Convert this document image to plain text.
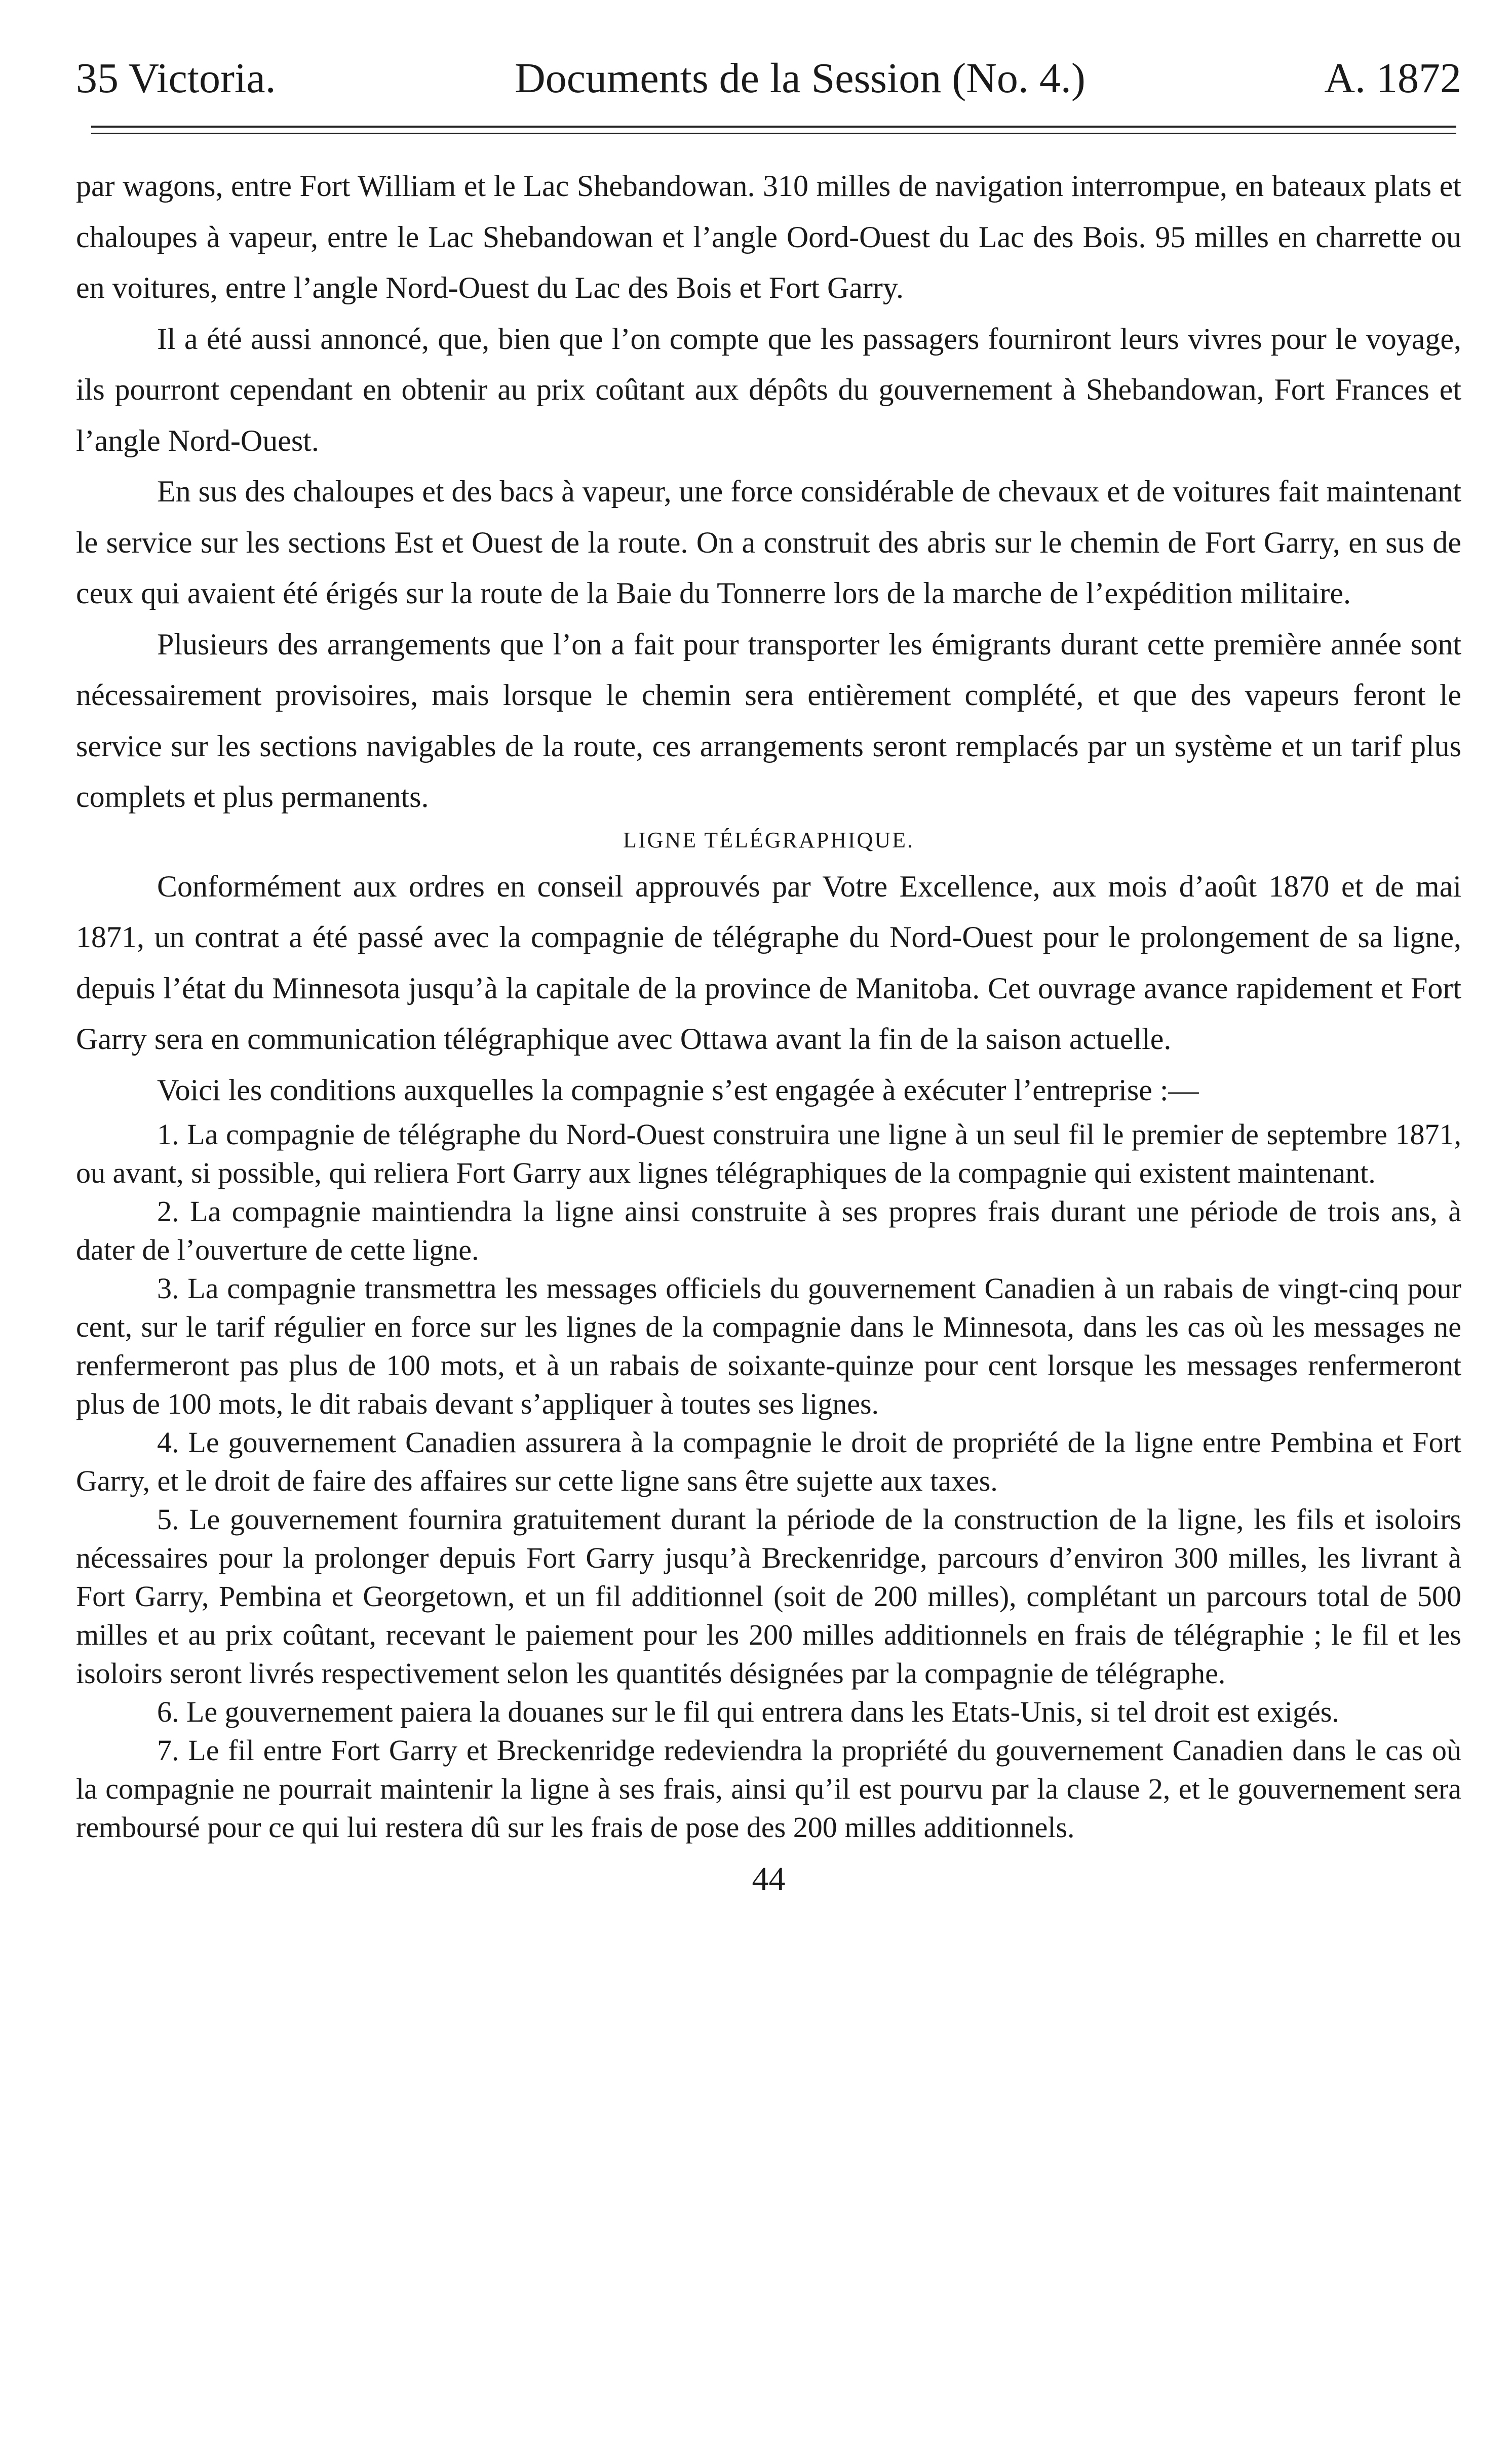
35 Victoria.	Documents de la Session (No. 4.)	A. 1872

par wagons, entre Fort William et le Lac Shebandowan. 310 milles de navigation interrompue, en bateaux plats et chaloupes à vapeur, entre le Lac Shebandowan et l’angle Oord-Ouest du Lac des Bois. 95 milles en charrette ou en voitures, entre l’angle Nord-Ouest du Lac des Bois et Fort Garry.

Il a été aussi annoncé, que, bien que l’on compte que les passagers fourniront leurs vivres pour le voyage, ils pourront cependant en obtenir au prix coûtant aux dépôts du gouvernement à Shebandowan, Fort Frances et l’angle Nord-Ouest.

En sus des chaloupes et des bacs à vapeur, une force considérable de chevaux et de voitures fait maintenant le service sur les sections Est et Ouest de la route. On a construit des abris sur le chemin de Fort Garry, en sus de ceux qui avaient été érigés sur la route de la Baie du Tonnerre lors de la marche de l’expédition militaire.

Plusieurs des arrangements que l’on a fait pour transporter les émigrants durant cette première année sont nécessairement provisoires, mais lorsque le chemin sera entièrement complété, et que des vapeurs feront le service sur les sections navigables de la route, ces arrangements seront remplacés par un système et un tarif plus complets et plus permanents.

LIGNE TÉLÉGRAPHIQUE.

Conformément aux ordres en conseil approuvés par Votre Excellence, aux mois d’août 1870 et de mai 1871, un contrat a été passé avec la compagnie de télégraphe du Nord-Ouest pour le prolongement de sa ligne, depuis l’état du Minnesota jusqu’à la capitale de la province de Manitoba. Cet ouvrage avance rapidement et Fort Garry sera en communication télégraphique avec Ottawa avant la fin de la saison actuelle.

Voici les conditions auxquelles la compagnie s’est engagée à exécuter l’entreprise :—

1. La compagnie de télégraphe du Nord-Ouest construira une ligne à un seul fil le premier de septembre 1871, ou avant, si possible, qui reliera Fort Garry aux lignes télégraphiques de la compagnie qui existent maintenant.

2. La compagnie maintiendra la ligne ainsi construite à ses propres frais durant une période de trois ans, à dater de l’ouverture de cette ligne.

3. La compagnie transmettra les messages officiels du gouvernement Canadien à un rabais de vingt-cinq pour cent, sur le tarif régulier en force sur les lignes de la compagnie dans le Minnesota, dans les cas où les messages ne renfermeront pas plus de 100 mots, et à un rabais de soixante-quinze pour cent lorsque les messages renfermeront plus de 100 mots, le dit rabais devant s’appliquer à toutes ses lignes.

4. Le gouvernement Canadien assurera à la compagnie le droit de propriété de la ligne entre Pembina et Fort Garry, et le droit de faire des affaires sur cette ligne sans être sujette aux taxes.

5. Le gouvernement fournira gratuitement durant la période de la construction de la ligne, les fils et isoloirs nécessaires pour la prolonger depuis Fort Garry jusqu’à Breckenridge, parcours d’environ 300 milles, les livrant à Fort Garry, Pembina et Georgetown, et un fil additionnel (soit de 200 milles), complétant un parcours total de 500 milles et au prix coûtant, recevant le paiement pour les 200 milles additionnels en frais de télégraphie ; le fil et les isoloirs seront livrés respectivement selon les quantités désignées par la compagnie de télégraphe.

6. Le gouvernement paiera la douanes sur le fil qui entrera dans les Etats-Unis, si tel droit est exigés.

7. Le fil entre Fort Garry et Breckenridge redeviendra la propriété du gouvernement Canadien dans le cas où la compagnie ne pourrait maintenir la ligne à ses frais, ainsi qu’il est pourvu par la clause 2, et le gouvernement sera remboursé pour ce qui lui restera dû sur les frais de pose des 200 milles additionnels.

44
